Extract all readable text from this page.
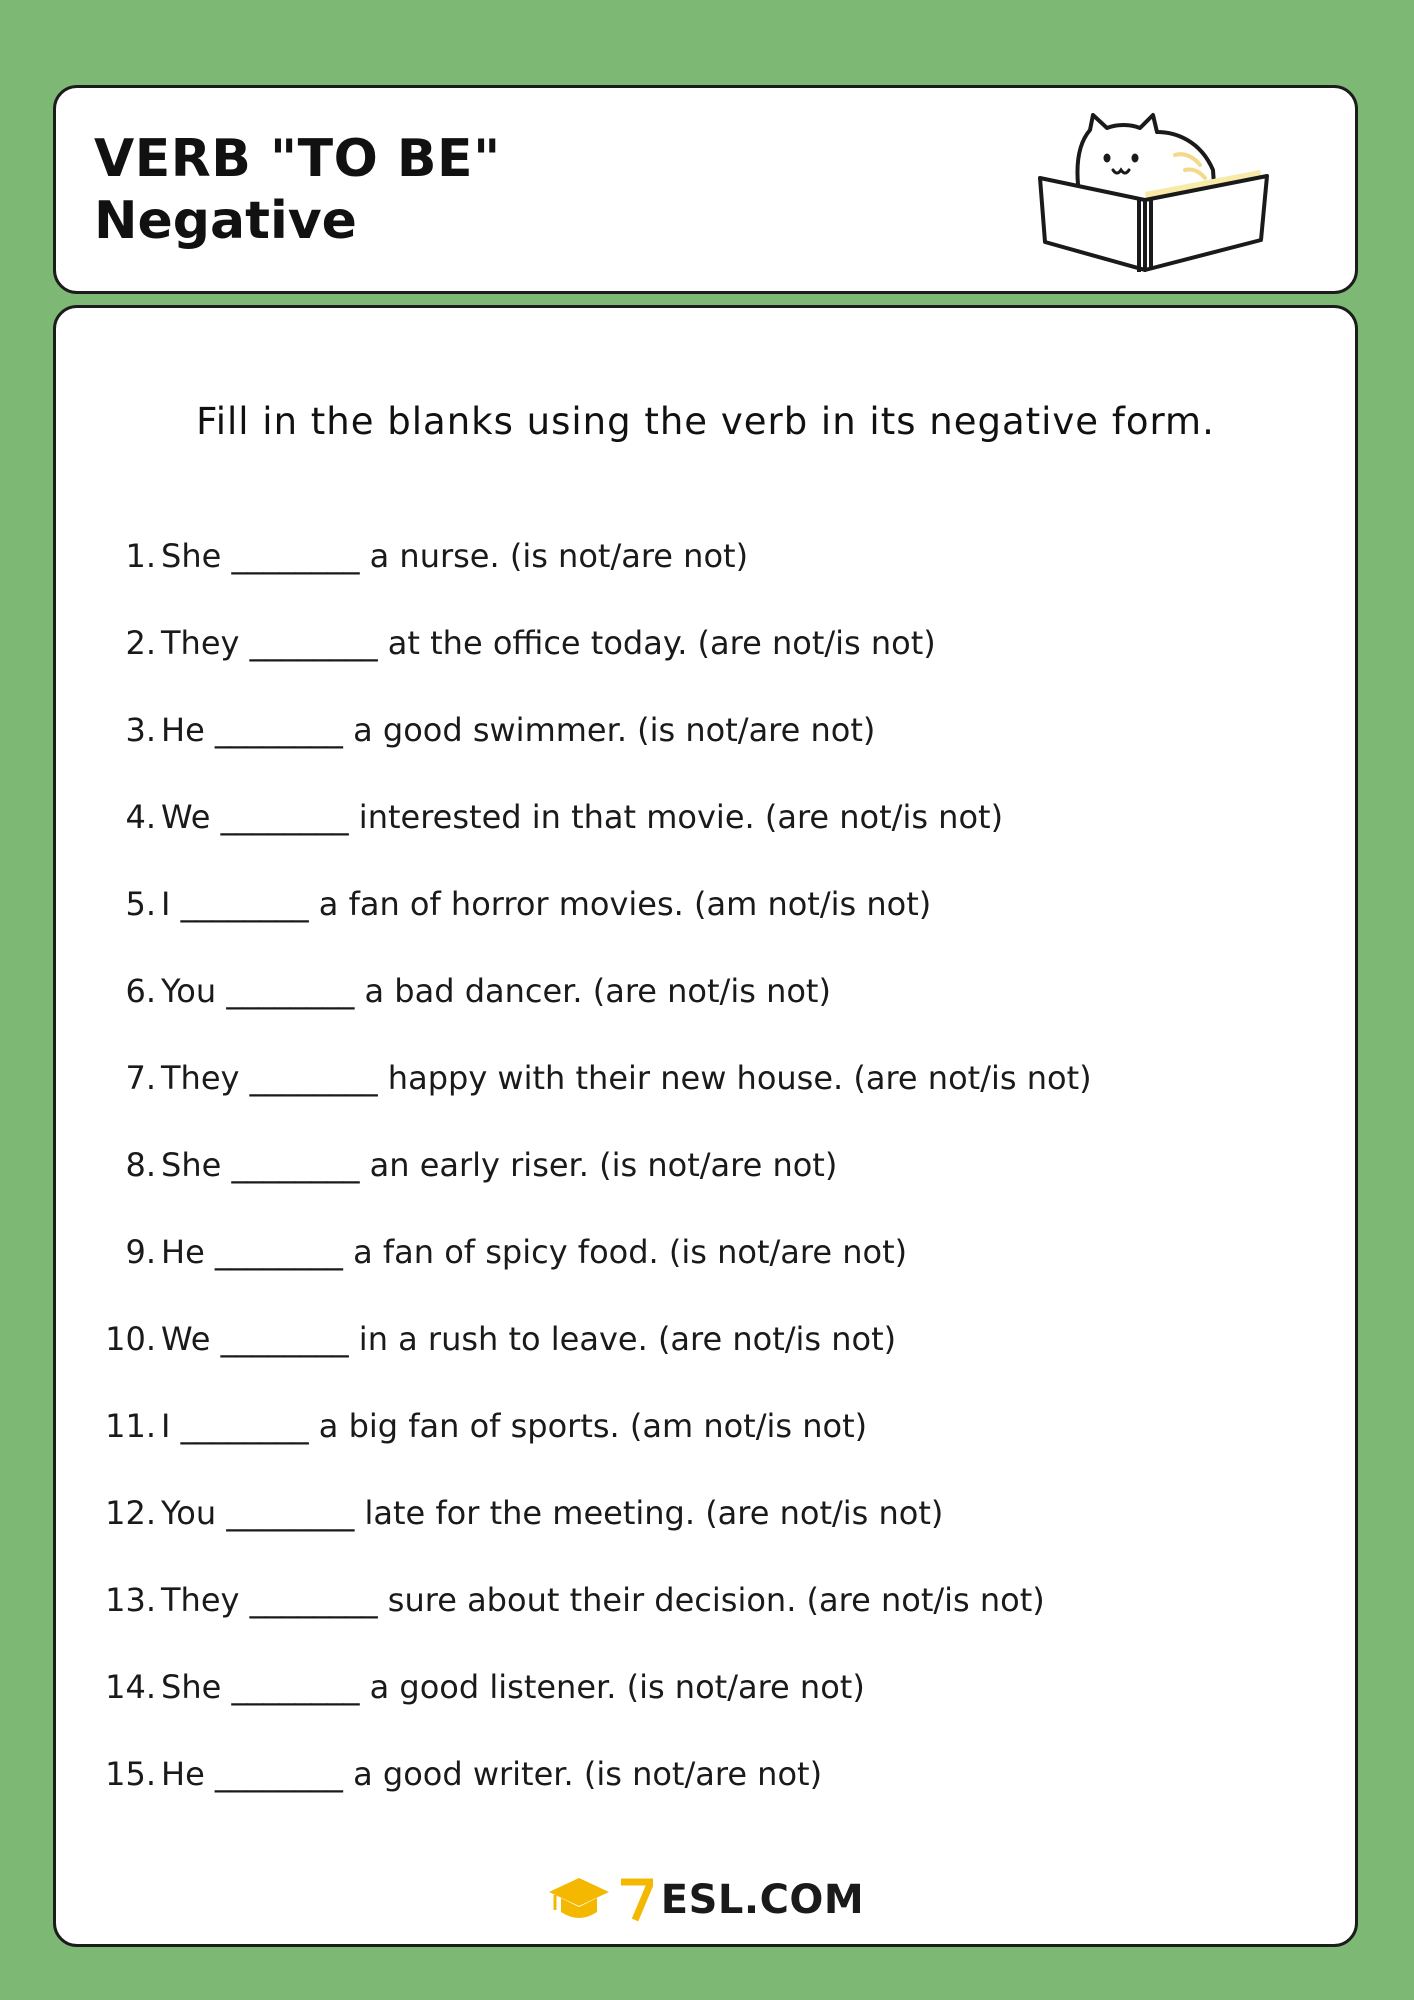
VERB "TO BE"
Negative
Fill in the blanks using the verb in its negative form.
1. She ________ a nurse. (is not/are not)
2. They ________ at the office today. (are not/is not)
3. He ________ a good swimmer. (is not/are not)
4. We ________ interested in that movie. (are not/is not)
5. I ________ a fan of horror movies. (am not/is not)
6. You ________ a bad dancer. (are not/is not)
7. They ________ happy with their new house. (are not/is not)
8. She ________ an early riser. (is not/are not)
9. He ________ a fan of spicy food. (is not/are not)
10. We ________ in a rush to leave. (are not/is not)
11. I ________ a big fan of sports. (am not/is not)
12. You ________ late for the meeting. (are not/is not)
13. They ________ sure about their decision. (are not/is not)
14. She ________ a good listener. (is not/are not)
15. He ________ a good writer. (is not/are not)
ESL.COM
